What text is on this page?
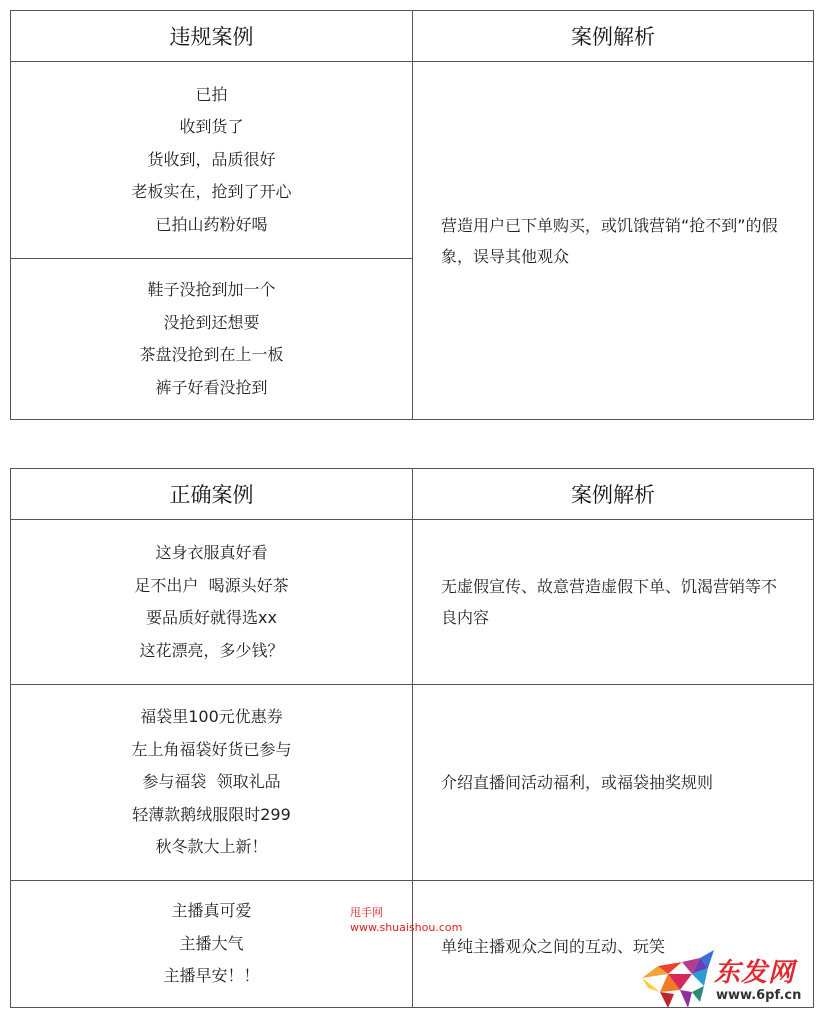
违规案例	案例解析
已拍
收到货了
货收到，品质很好
老板实在，抢到了开心
已拍山药粉好喝
鞋子没抢到加一个
没抢到还想要
茶盘没抢到在上一板
裤子好看没抢到
营造用户已下单购买，或饥饿营销“抢不到”的假象，误导其他观众
正确案例	案例解析
这身衣服真好看
足不出户  喝源头好茶
要品质好就得选xx
这花漂亮，多少钱？
无虚假宣传、故意营造虚假下单、饥渴营销等不良内容
福袋里100元优惠券
左上角福袋好货已参与
参与福袋  领取礼品
轻薄款鹅绒服限时299
秋冬款大上新！
介绍直播间活动福利，或福袋抽奖规则
主播真可爱
主播大气
主播早安！！
单纯主播观众之间的互动、玩笑
甩手网
www.shuaishou.com
东发网
www.6pf.cn
